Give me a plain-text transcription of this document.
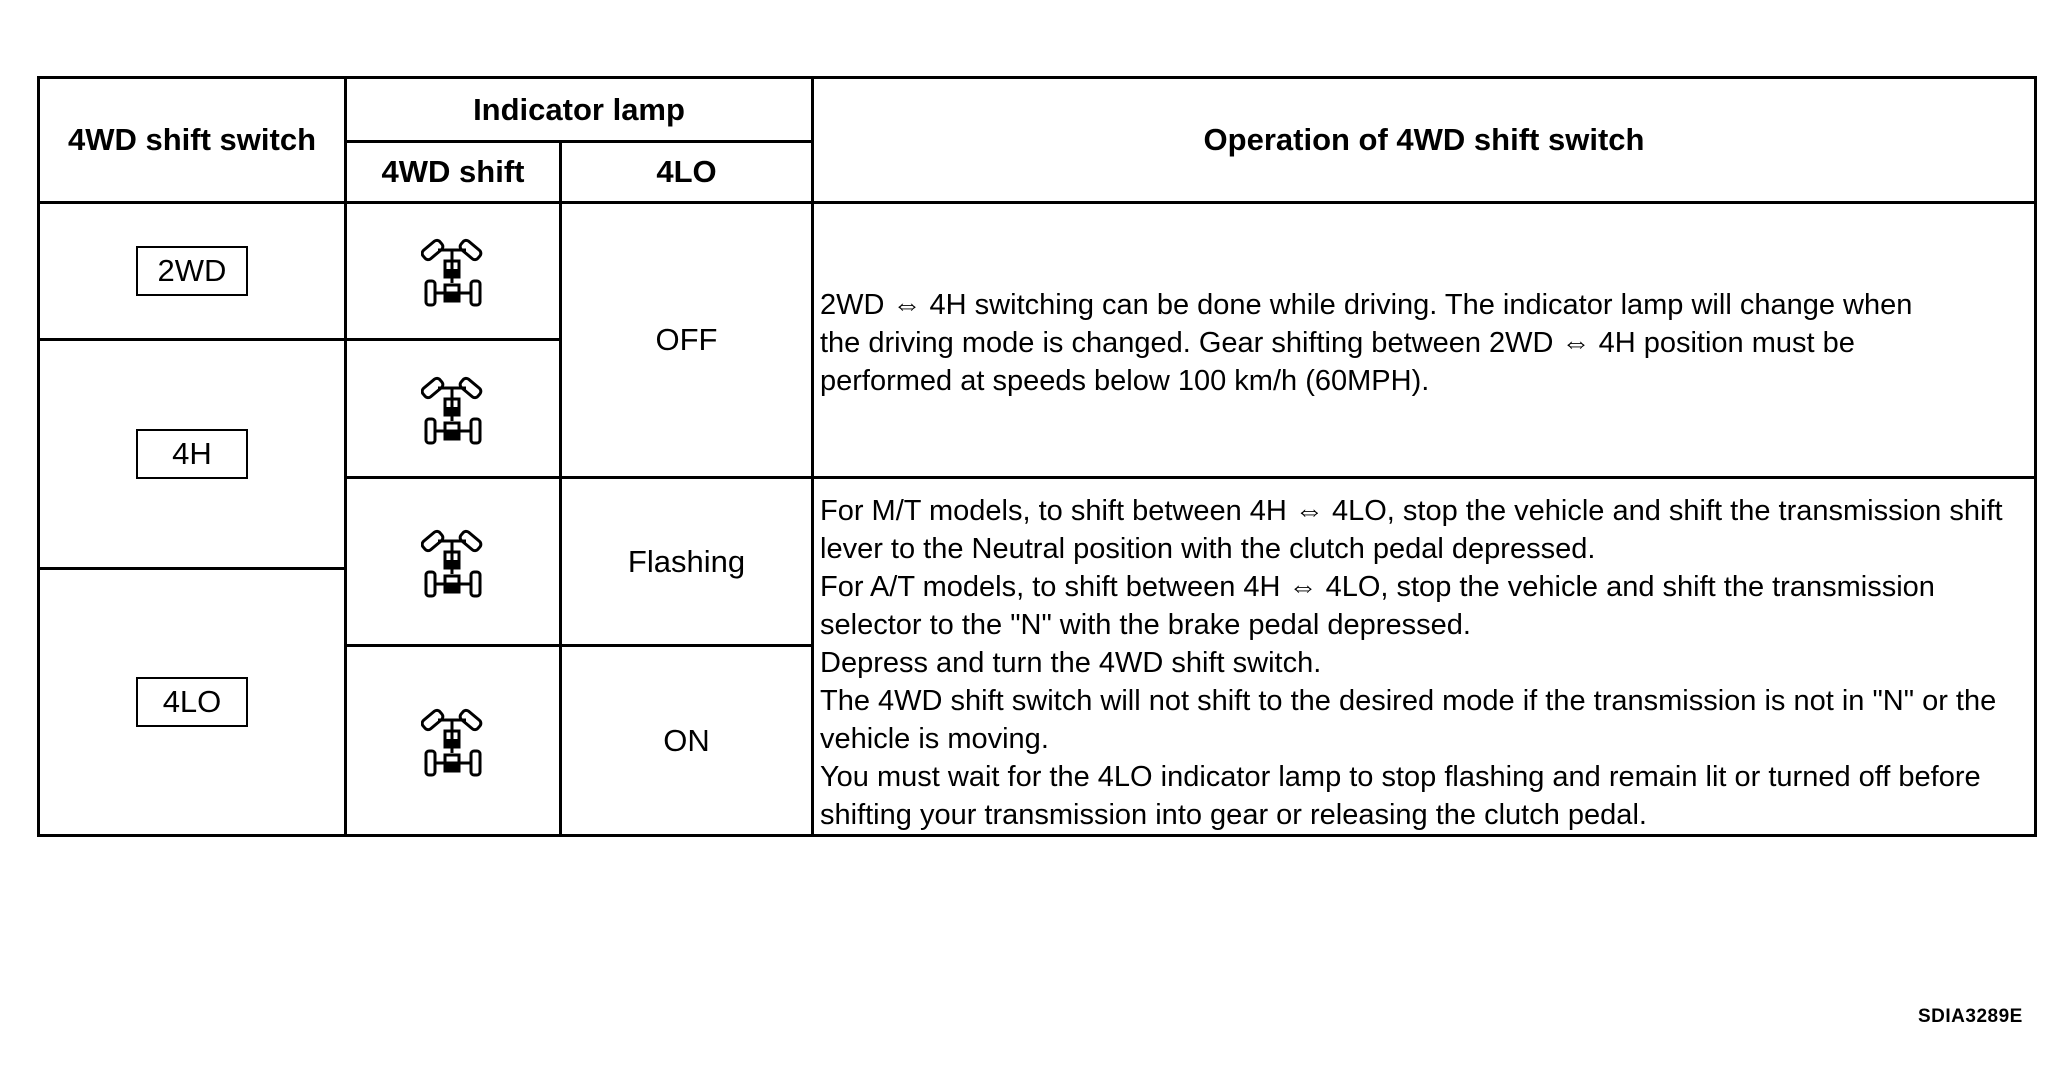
4WD shift switch
Indicator lamp
4WD shift	4LO
Operation of 4WD shift switch
2WD
4H
4LO
OFF
Flashing
ON
2WD ⇔ 4H switching can be done while driving. The indicator lamp will change when
the driving mode is changed. Gear shifting between 2WD ⇔ 4H position must be
performed at speeds below 100 km/h (60MPH).
For M/T models, to shift between 4H ⇔ 4LO, stop the vehicle and shift the transmission shift
lever to the Neutral position with the clutch pedal depressed.
For A/T models, to shift between 4H ⇔ 4LO, stop the vehicle and shift the transmission
selector to the "N" with the brake pedal depressed.
Depress and turn the 4WD shift switch.
The 4WD shift switch will not shift to the desired mode if the transmission is not in "N" or the
vehicle is moving.
You must wait for the 4LO indicator lamp to stop flashing and remain lit or turned off before
shifting your transmission into gear or releasing the clutch pedal.
SDIA3289E
